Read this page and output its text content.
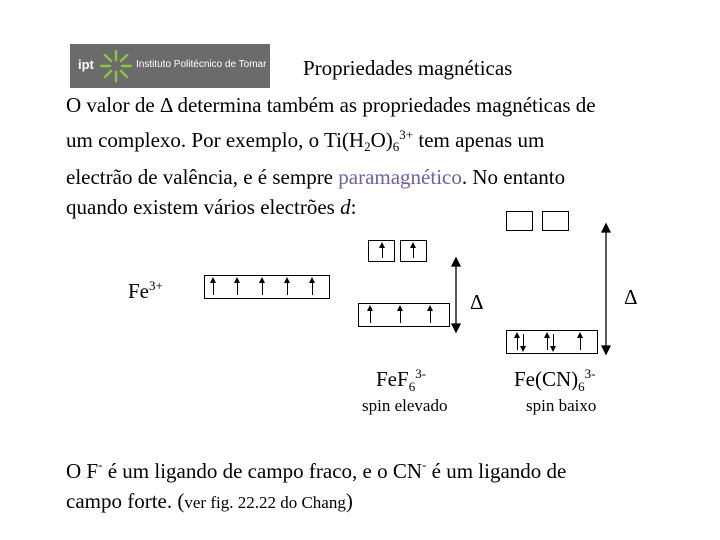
ipt	Instituto Politécnico de Tomar Propriedades magnéticas

O valor de Δ determina também as propriedades magnéticas de

um complexo. Por exemplo, o $Ti(H_2O)_6^{3+}$ tem apenas um

electrão de valência, e é sempre paramagnético. No entanto

quando existem vários electrões d:

$Fe^{3+}$
Δ	Δ
FeF$_6^{3-}$	$Fe(CN)_6^{3-}$
spin elevado	spin baixo
O F- é um ligando de campo fraco, e o CN- é um ligando de
campo forte. (ver fig. 22.22 do Chang)
